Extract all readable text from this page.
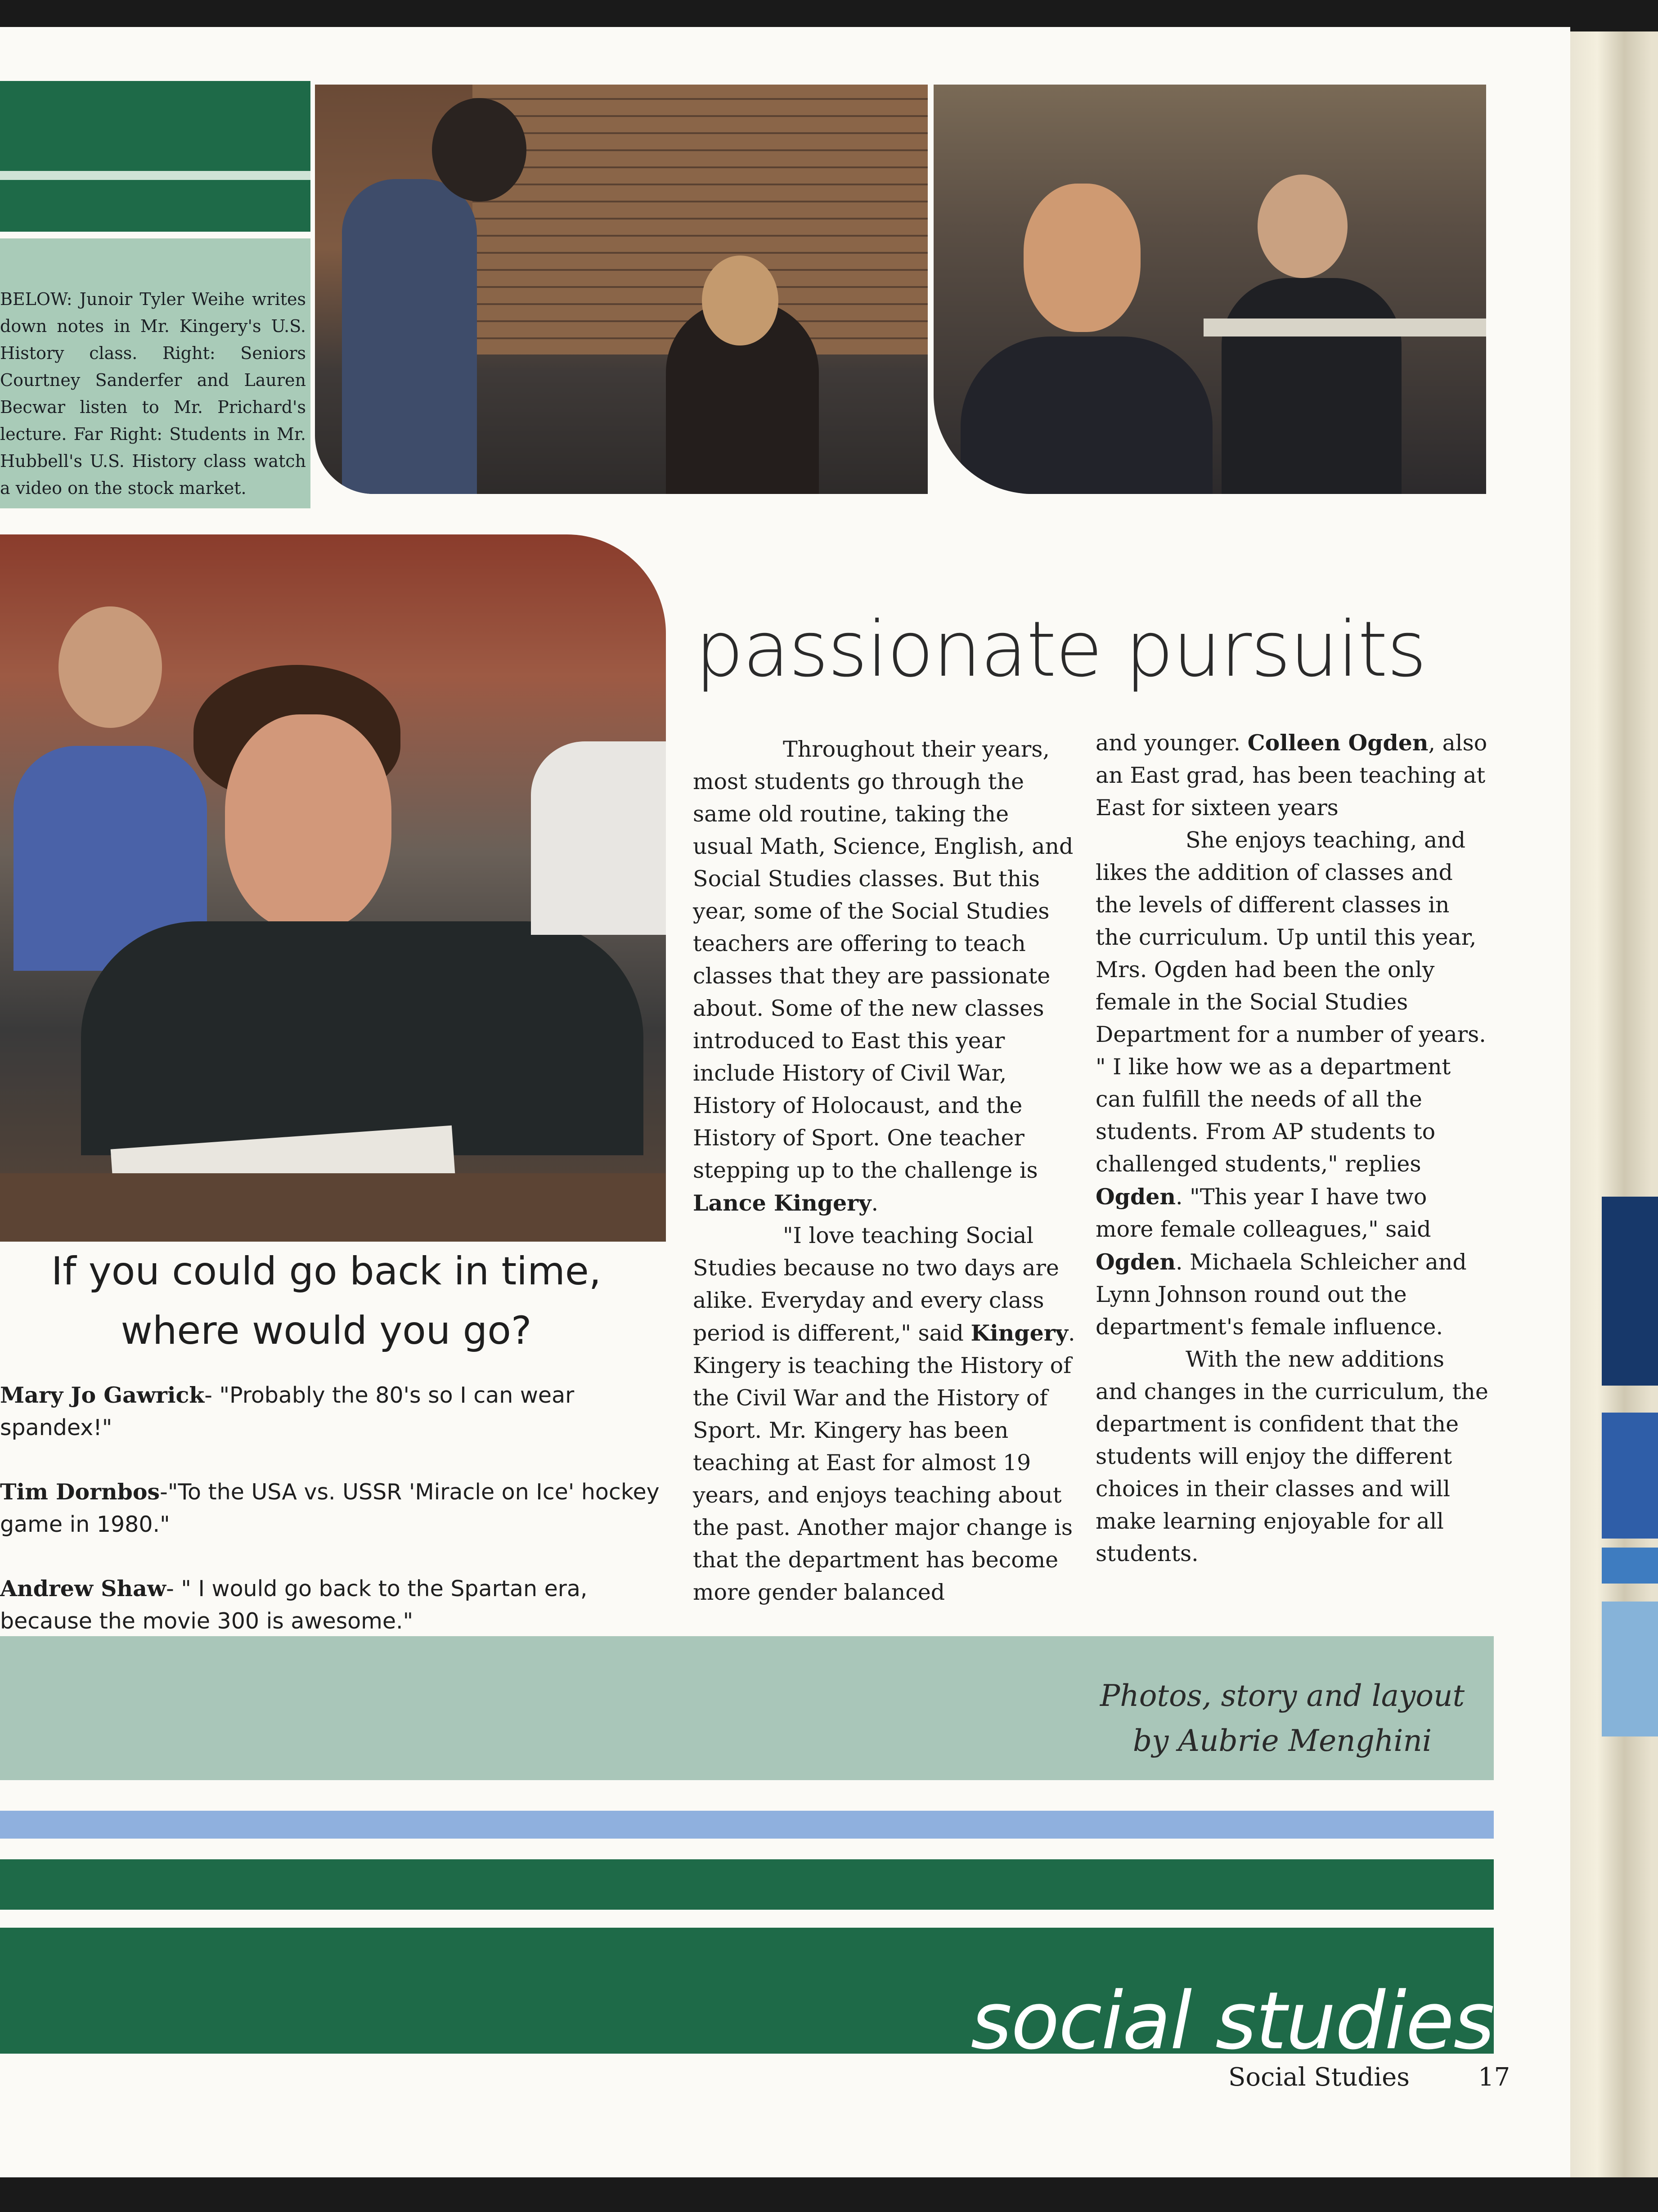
BELOW: Junoir Tyler Weihe writes down notes in Mr. Kingery's U.S. History class. Right: Seniors Courtney Sanderfer and Lauren Becwar listen to Mr. Prichard's lecture. Far Right: Students in Mr. Hubbell's U.S. History class watch a video on the stock market.
passionate pursuits

Throughout their years, most students go through the same old routine, taking the usual Math, Science, English, and Social Studies classes. But this year, some of the Social Studies teachers are offering to teach classes that they are passionate about. Some of the new classes introduced to East this year include History of Civil War, History of Holocaust, and the History of Sport. One teacher stepping up to the challenge is Lance Kingery.

"I love teaching Social Studies because no two days are alike. Everyday and every class period is different," said Kingery. Kingery is teaching the History of the Civil War and the History of Sport. Mr. Kingery has been teaching at East for almost 19 years, and enjoys teaching about the past. Another major change is that the department has become more gender balanced

and younger. Colleen Ogden, also an East grad, has been teaching at East for sixteen years

She enjoys teaching, and likes the addition of classes and the levels of different classes in the curriculum. Up until this year, Mrs. Ogden had been the only female in the Social Studies Department for a number of years.

" I like how we as a department can fulfill the needs of all the students. From AP students to challenged students," replies Ogden. "This year I have two more female colleagues," said Ogden. Michaela Schleicher and Lynn Johnson round out the department's female influence.

With the new additions and changes in the curriculum, the department is confident that the students will enjoy the different choices in their classes and will make learning enjoyable for all students.

If you could go back in time, where would you go?

Mary Jo Gawrick- "Probably the 80's so I can wear spandex!"

Tim Dornbos-"To the USA vs. USSR 'Miracle on Ice' hockey game in 1980."

Andrew Shaw- " I would go back to the Spartan era, because the movie 300 is awesome."

Photos, story and layout
by Aubrie Menghini
social studies
Social Studies	17
